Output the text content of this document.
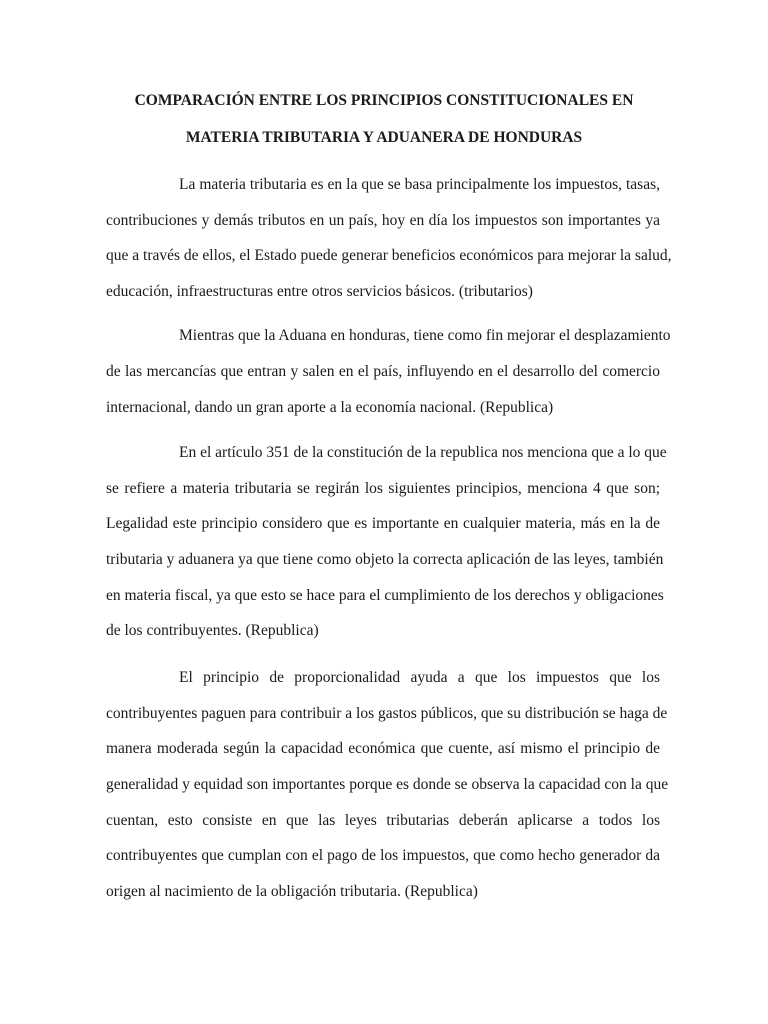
COMPARACIÓN ENTRE LOS PRINCIPIOS CONSTITUCIONALES EN
MATERIA TRIBUTARIA Y ADUANERA DE HONDURAS
La materia tributaria es en la que se basa principalmente los impuestos, tasas,
contribuciones y demás tributos en un país, hoy en día los impuestos son importantes ya
que a través de ellos, el Estado puede generar beneficios económicos para mejorar la salud,
educación, infraestructuras entre otros servicios básicos. (tributarios)
Mientras que la Aduana en honduras, tiene como fin mejorar el desplazamiento
de las mercancías que entran y salen en el país, influyendo en el desarrollo del comercio
internacional, dando un gran aporte a la economía nacional. (Republica)
En el artículo 351 de la constitución de la republica nos menciona que a lo que
se refiere a materia tributaria se regirán los siguientes principios, menciona 4 que son;
Legalidad este principio considero que es importante en cualquier materia, más en la de
tributaria y aduanera ya que tiene como objeto la correcta aplicación de las leyes, también
en materia fiscal, ya que esto se hace para el cumplimiento de los derechos y obligaciones
de los contribuyentes. (Republica)
El principio de proporcionalidad ayuda a que los impuestos que los
contribuyentes paguen para contribuir a los gastos públicos, que su distribución se haga de
manera moderada según la capacidad económica que cuente, así mismo el principio de
generalidad y equidad son importantes porque es donde se observa la capacidad con la que
cuentan, esto consiste en que las leyes tributarias deberán aplicarse a todos los
contribuyentes que cumplan con el pago de los impuestos, que como hecho generador da
origen al nacimiento de la obligación tributaria. (Republica)
